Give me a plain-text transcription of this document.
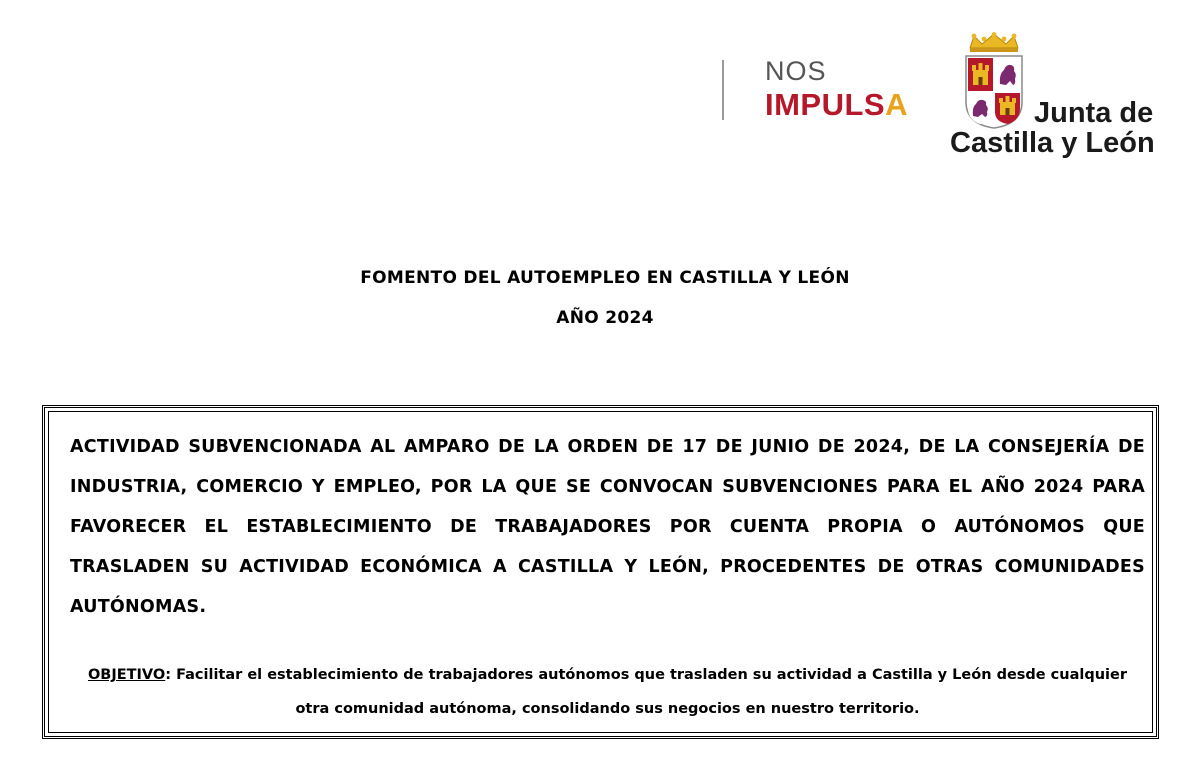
NOS
IMPULSA	Junta de
Castilla y León
FOMENTO DEL AUTOEMPLEO EN CASTILLA Y LEÓN
AÑO 2024
ACTIVIDAD SUBVENCIONADA AL AMPARO DE LA ORDEN DE 17 DE JUNIO DE 2024, DE LA CONSEJERÍA DE INDUSTRIA, COMERCIO Y EMPLEO, POR LA QUE SE CONVOCAN SUBVENCIONES PARA EL AÑO 2024 PARA FAVORECER EL ESTABLECIMIENTO DE TRABAJADORES POR CUENTA PROPIA O AUTÓNOMOS QUE TRASLADEN SU ACTIVIDAD ECONÓMICA A CASTILLA Y LEÓN, PROCEDENTES DE OTRAS COMUNIDADES AUTÓNOMAS.
OBJETIVO: Facilitar el establecimiento de trabajadores autónomos que trasladen su actividad a Castilla y León desde cualquier otra comunidad autónoma, consolidando sus negocios en nuestro territorio.
